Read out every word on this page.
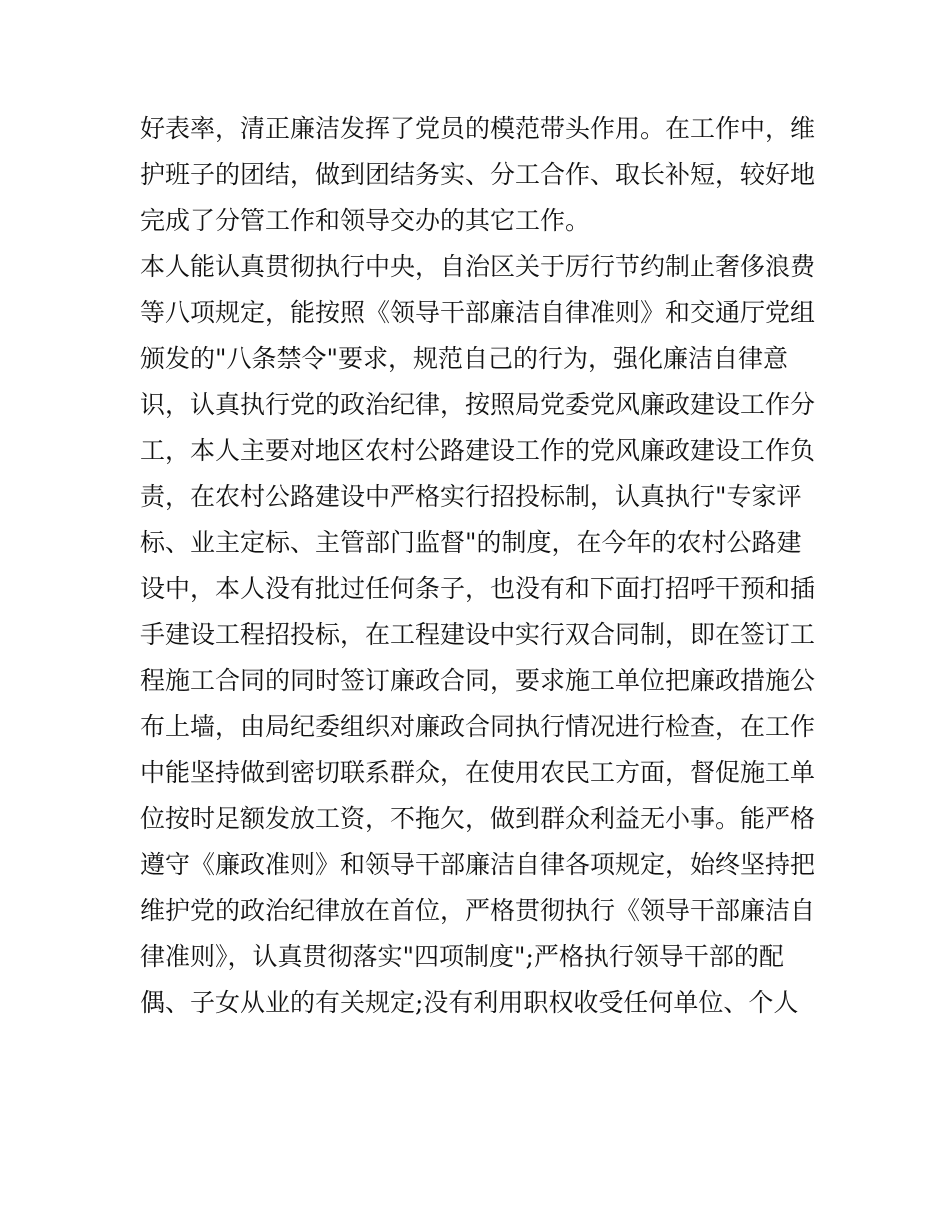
好表率，清正廉洁发挥了党员的模范带头作用。在工作中，维
护班子的团结，做到团结务实、分工合作、取长补短，较好地
完成了分管工作和领导交办的其它工作。
本人能认真贯彻执行中央，自治区关于厉行节约制止奢侈浪费
等八项规定，能按照《领导干部廉洁自律准则》和交通厅党组
颁发的"八条禁令"要求，规范自己的行为，强化廉洁自律意
识，认真执行党的政治纪律，按照局党委党风廉政建设工作分
工，本人主要对地区农村公路建设工作的党风廉政建设工作负
责，在农村公路建设中严格实行招投标制，认真执行"专家评
标、业主定标、主管部门监督"的制度，在今年的农村公路建
设中，本人没有批过任何条子，也没有和下面打招呼干预和插
手建设工程招投标，在工程建设中实行双合同制，即在签订工
程施工合同的同时签订廉政合同，要求施工单位把廉政措施公
布上墙，由局纪委组织对廉政合同执行情况进行检查，在工作
中能坚持做到密切联系群众，在使用农民工方面，督促施工单
位按时足额发放工资，不拖欠，做到群众利益无小事。能严格
遵守《廉政准则》和领导干部廉洁自律各项规定，始终坚持把
维护党的政治纪律放在首位，严格贯彻执行《领导干部廉洁自
律准则》，认真贯彻落实"四项制度";严格执行领导干部的配
偶、子女从业的有关规定;没有利用职权收受任何单位、个人
